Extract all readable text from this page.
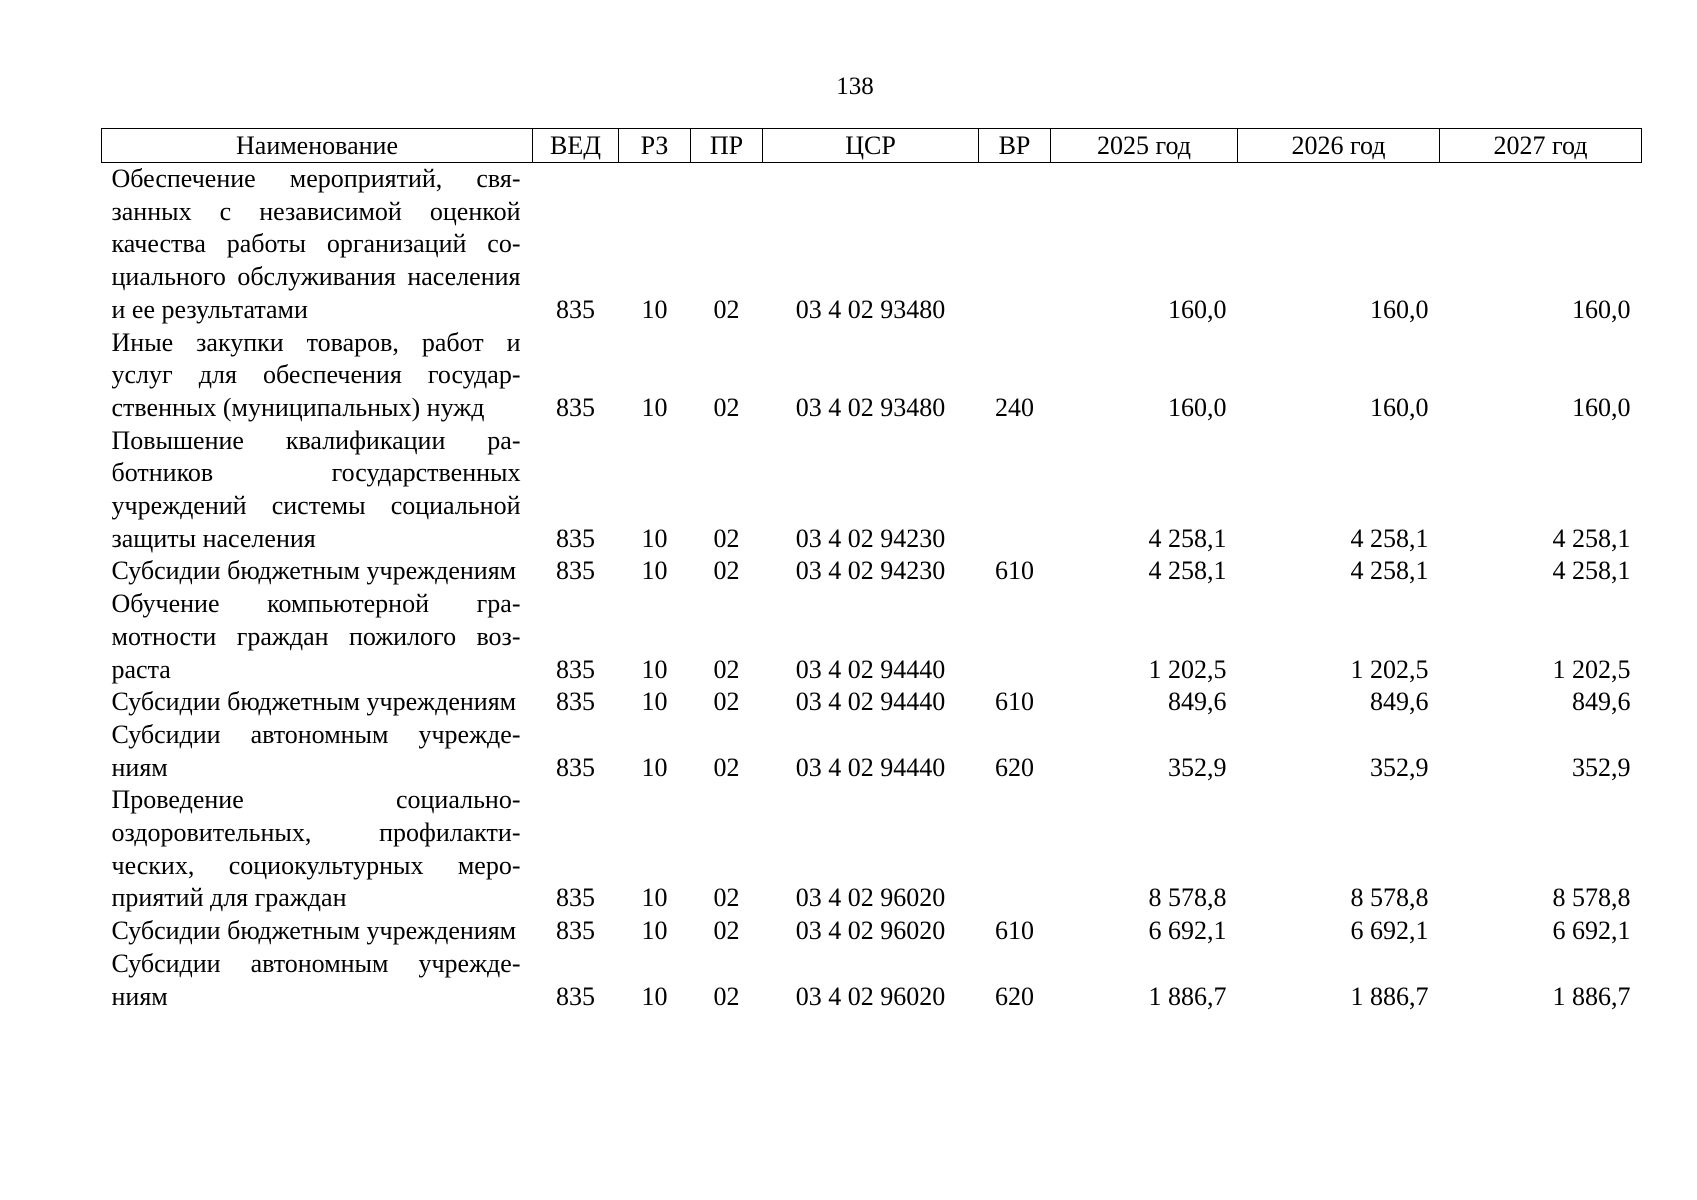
138
Наименование	ВЕД	РЗ	ПР	ЦСР	ВР	2025 год	2026 год	2027 год
Обеспечение мероприятий, связанных с независимой оценкой качества работы организаций социального обслуживания населения и ее результатами	835	10	02	03 4 02 93480		160,0	160,0	160,0
Иные закупки товаров, работ и услуг для обеспечения государственных (муниципальных) нужд	835	10	02	03 4 02 93480	240	160,0	160,0	160,0
Повышение квалификации работников государственных учреждений системы социальной защиты населения	835	10	02	03 4 02 94230		4 258,1	4 258,1	4 258,1
Субсидии бюджетным учреждениям	835	10	02	03 4 02 94230	610	4 258,1	4 258,1	4 258,1
Обучение компьютерной грамотности граждан пожилого возраста	835	10	02	03 4 02 94440		1 202,5	1 202,5	1 202,5
Субсидии бюджетным учреждениям	835	10	02	03 4 02 94440	610	849,6	849,6	849,6
Субсидии автономным учреждениям	835	10	02	03 4 02 94440	620	352,9	352,9	352,9
Проведение социально-оздоровительных, профилактических, социокультурных мероприятий для граждан	835	10	02	03 4 02 96020		8 578,8	8 578,8	8 578,8
Субсидии бюджетным учреждениям	835	10	02	03 4 02 96020	610	6 692,1	6 692,1	6 692,1
Субсидии автономным учреждениям	835	10	02	03 4 02 96020	620	1 886,7	1 886,7	1 886,7
